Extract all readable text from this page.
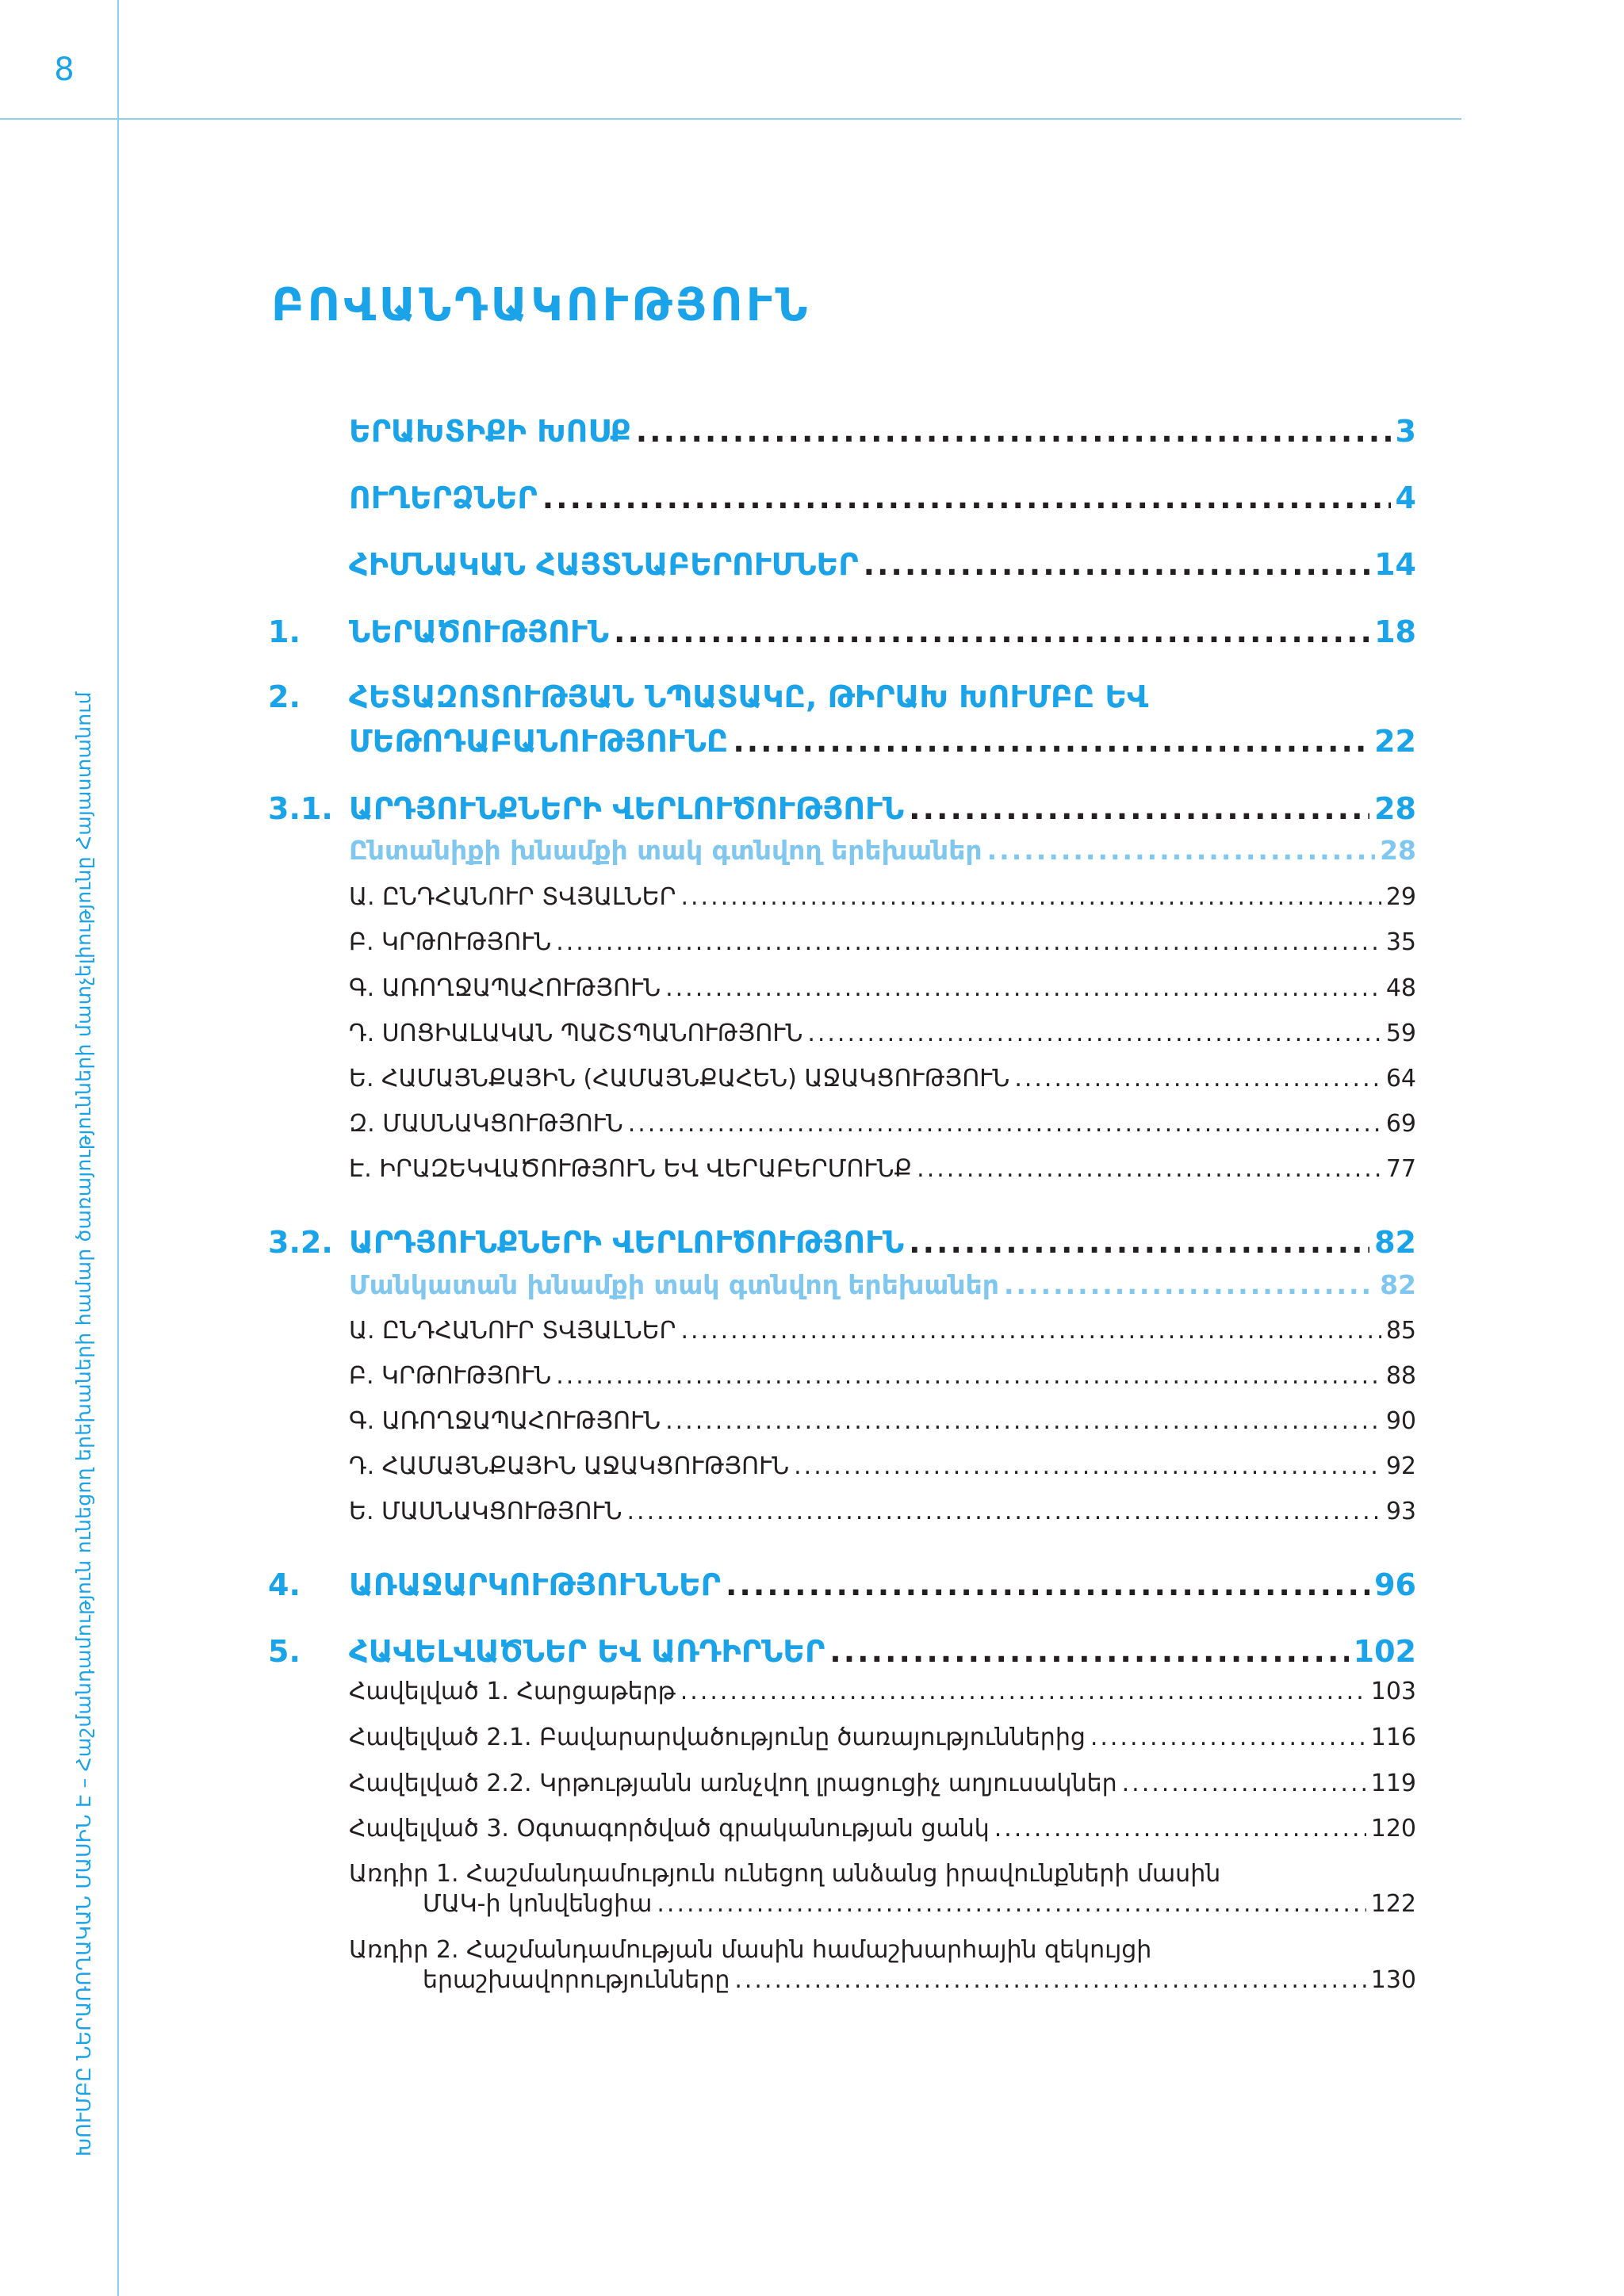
8
ԽՈՒՄԲԸ ՆԵՐԱՌՈՂԱԿԱՆ ՄԱՍԻՆ Է – Հաշմանդամություն ունեցող երեխաների համար ծառայությունների մատչելիությունը Հայաստանում
ԲՈՎԱՆԴԱԿՈՒԹՅՈՒՆ
ԵՐԱԽՏԻՔԻ ԽՈՍՔ .....	3
ՈՒՂԵՐՁՆԵՐ .....	4
ՀԻՄՆԱԿԱՆ ՀԱՅՏՆԱԲԵՐՈՒՄՆԵՐ .....	14
1.	ՆԵՐԱԾՈՒԹՅՈՒՆ .....	18
2. ՀԵՏԱԶՈՏՈՒԹՅԱՆ ՆՊԱՏԱԿԸ, ԹԻՐԱԽ ԽՈՒՄԲԸ ԵՎ
ՄԵԹՈԴԱԲԱՆՈՒԹՅՈՒՆԸ .....	22
3.1. ԱՐԴՅՈՒՆՔՆԵՐԻ ՎԵՐԼՈՒԾՈՒԹՅՈՒՆ .....	28
Ընտանիքի խնամքի տակ գտնվող երեխաներ .....	28
Ա. ԸՆԴՀԱՆՈՒՐ ՏՎՅԱԼՆԵՐ .....	29
Բ. ԿՐԹՈՒԹՅՈՒՆ .....	35
Գ. ԱՌՈՂՋԱՊԱՀՈՒԹՅՈՒՆ .....	48
Դ. ՍՈՑԻԱԼԱԿԱՆ ՊԱՇՏՊԱՆՈՒԹՅՈՒՆ .....	59
Ե. ՀԱՄԱՅՆՔԱՅԻՆ (ՀԱՄԱՅՆՔԱՀԵՆ) ԱՋԱԿՑՈՒԹՅՈՒՆ .....	64
Զ. ՄԱՍՆԱԿՑՈՒԹՅՈՒՆ .....	69
Է. ԻՐԱԶԵԿՎԱԾՈՒԹՅՈՒՆ ԵՎ ՎԵՐԱԲԵՐՄՈՒՆՔ .....	77
3.2. ԱՐԴՅՈՒՆՔՆԵՐԻ ՎԵՐԼՈՒԾՈՒԹՅՈՒՆ .....	82
Մանկատան խնամքի տակ գտնվող երեխաներ .....	82
Ա. ԸՆԴՀԱՆՈՒՐ ՏՎՅԱԼՆԵՐ .....	85
Բ. ԿՐԹՈՒԹՅՈՒՆ .....	88
Գ. ԱՌՈՂՋԱՊԱՀՈՒԹՅՈՒՆ .....	90
Դ. ՀԱՄԱՅՆՔԱՅԻՆ ԱՋԱԿՑՈՒԹՅՈՒՆ .....	92
Ե. ՄԱՍՆԱԿՑՈՒԹՅՈՒՆ .....	93
4.	ԱՌԱՋԱՐԿՈՒԹՅՈՒՆՆԵՐ .....	96
5.	ՀԱՎԵԼՎԱԾՆԵՐ ԵՎ ԱՌԴԻՐՆԵՐ .....	102
Հավելված 1. Հարցաթերթ .....	103
Հավելված 2.1. Բավարարվածությունը ծառայություններից .....	116
Հավելված 2.2. Կրթությանն առնչվող լրացուցիչ աղյուսակներ .....	119
Հավելված 3. Օգտագործված գրականության ցանկ .....	120
Առդիր 1. Հաշմանդամություն ունեցող անձանց իրավունքների մասին
ՄԱԿ-ի կոնվենցիա .....	122
Առդիր 2. Հաշմանդամության մասին համաշխարհային զեկույցի
երաշխավորությունները .....	130
